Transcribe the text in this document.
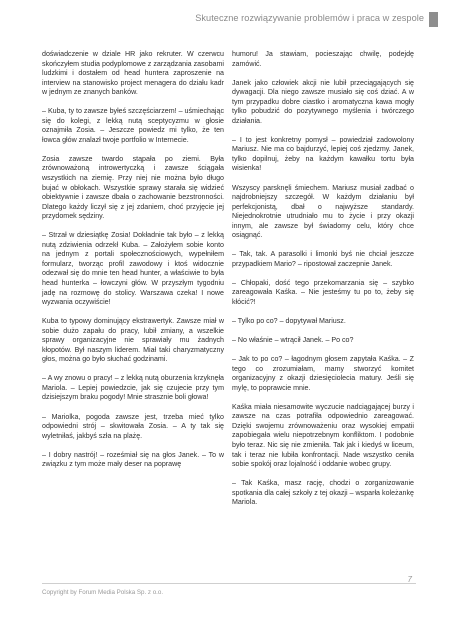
Skuteczne rozwiązywanie problemów i praca w zespole

doświadczenie w dziale HR jako rekruter. W czerwcu skończyłem studia podyplomowe z zarządzania zasobami ludzkimi i dostałem od head huntera zaproszenie na interview na stanowisko project menagera do działu kadr w jednym ze znanych banków.

– Kuba, ty to zawsze byłeś szczęściarzem! – uśmiechając się do kolegi, z lekką nutą sceptycyzmu w głosie oznajmiła Zosia. – Jeszcze powiedz mi tylko, że ten łowca głów znalazł twoje portfolio w Internecie.

Zosia zawsze twardo stąpała po ziemi. Była zrównoważoną introwertyczką i zawsze ściągała wszystkich na ziemię. Przy niej nie można było długo bujać w obłokach. Wszystkie sprawy starała się widzieć obiektywnie i zawsze dbała o zachowanie bezstronności. Dlatego każdy liczył się z jej zdaniem, choć przyjęcie jej przydomek sędziny.

– Strzał w dziesiątkę Zosia! Dokładnie tak było – z lekką nutą zdziwienia odrzekł Kuba. – Założyłem sobie konto na jednym z portali społecznościowych, wypełniłem formularz, tworząc profil zawodowy i ktoś widocznie odezwał się do mnie ten head hunter, a właściwie to była head hunterka – łowczyni głów. W przyszłym tygodniu jadę na rozmowę do stolicy. Warszawa czeka! I nowe wyzwania oczywiście!

Kuba to typowy dominujący ekstrawertyk. Zawsze miał w sobie dużo zapału do pracy, lubił zmiany, a wszelkie sprawy organizacyjne nie sprawiały mu żadnych kłopotów. Był naszym liderem. Miał taki charyzmatyczny głos, można go było słuchać godzinami.

– A wy znowu o pracy! – z lekką nutą oburzenia krzyknęła Mariola. – Lepiej powiedzcie, jak się czujecie przy tym dzisiejszym braku pogody! Mnie strasznie boli głowa!

– Mariolka, pogoda zawsze jest, trzeba mieć tylko odpowiedni strój – skwitowała Zosia. – A ty tak się wyletniłaś, jakbyś szła na plażę.

– I dobry nastrój! – roześmiał się na głos Janek. – To w związku z tym może mały deser na poprawę

humoru! Ja stawiam, pocieszając chwilę, podejdę zamówić.

Janek jako człowiek akcji nie lubił przeciągających się dywagacji. Dla niego zawsze musiało się coś dziać. A w tym przypadku dobre ciastko i aromatyczna kawa mogły tylko pobudzić do pozytywnego myślenia i twórczego działania.

– I to jest konkretny pomysł – powiedział zadowolony Mariusz. Nie ma co bajdurzyć, lepiej coś zjedzmy. Janek, tylko dopilnuj, żeby na każdym kawałku tortu była wisienka!

Wszyscy parsknęli śmiechem. Mariusz musiał zadbać o najdrobniejszy szczegół. W każdym działaniu był perfekcjonistą, dbał o najwyższe standardy. Niejednokrotnie utrudniało mu to życie i przy okazji innym, ale zawsze był świadomy celu, który chce osiągnąć.

– Tak, tak. A parasolki i limonki byś nie chciał jeszcze przypadkiem Mario? – ripostował zaczepnie Janek.

– Chłopaki, dość tego przekomarzania się – szybko zareagowała Kaśka. – Nie jesteśmy tu po to, żeby się kłócić?!

– Tylko po co? – dopytywał Mariusz.

– No właśnie – wtrącił Janek. – Po co?

– Jak to po co? – łagodnym głosem zapytała Kaśka. – Z tego co zrozumiałam, mamy stworzyć komitet organizacyjny z okazji dziesięciolecia matury. Jeśli się mylę, to poprawcie mnie.

Kaśka miała niesamowite wyczucie nadciągającej burzy i zawsze na czas potrafiła odpowiednio zareagować. Dzięki swojemu zrównoważeniu oraz wysokiej empatii zapobiegała wielu niepotrzebnym konfliktom. I podobnie było teraz. Nic się nie zmieniła. Tak jak i kiedyś w liceum, tak i teraz nie lubiła konfrontacji. Nade wszystko ceniła sobie spokój oraz lojalność i oddanie wobec grupy.

– Tak Kaśka, masz rację, chodzi o zorganizowanie spotkania dla całej szkoły z tej okazji – wsparła koleżankę Mariola.

7
Copyright by Forum Media Polska Sp. z o.o.
